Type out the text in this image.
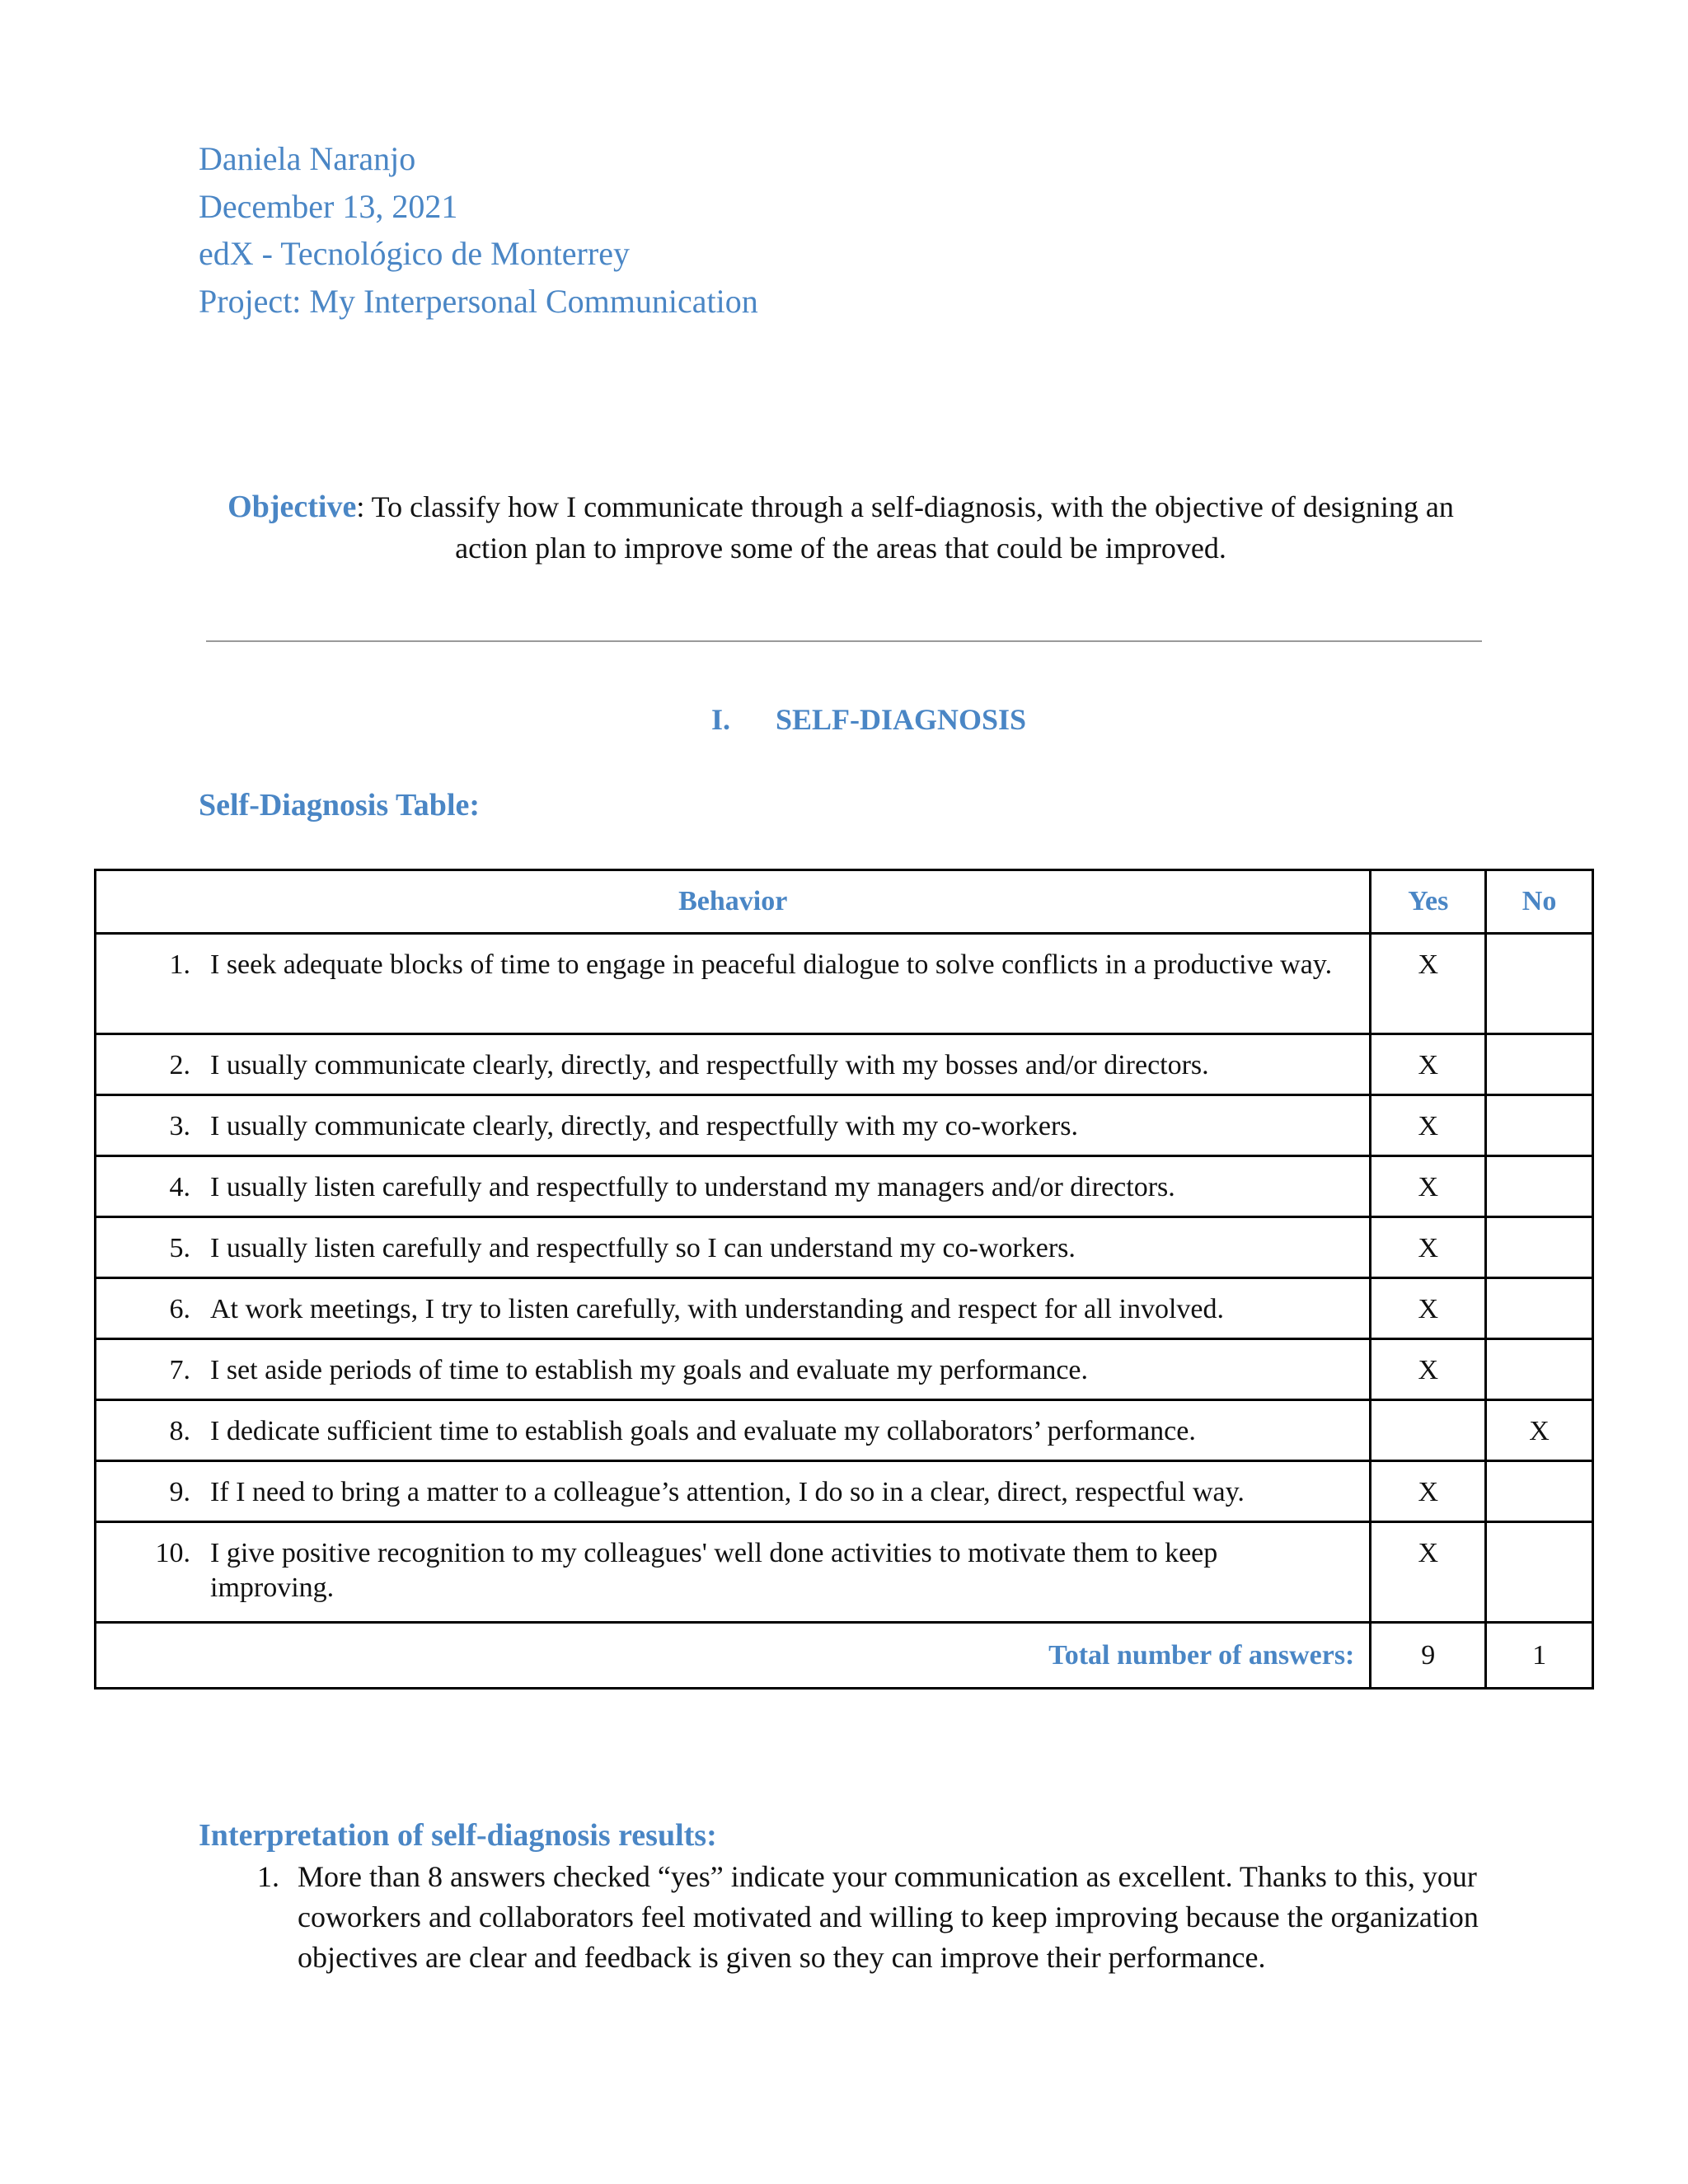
Daniela Naranjo
December 13, 2021
edX - Tecnológico de Monterrey
Project: My Interpersonal Communication
Objective: To classify how I communicate through a self-diagnosis, with the objective of designing an action plan to improve some of the areas that could be improved.
I. SELF-DIAGNOSIS
Self-Diagnosis Table:
Behavior	Yes	No

1. I seek adequate blocks of time to engage in peaceful dialogue to solve conflicts in a productive way.	X	

2. I usually communicate clearly, directly, and respectfully with my bosses and/or directors.	X	

3. I usually communicate clearly, directly, and respectfully with my co-workers.	X	

4. I usually listen carefully and respectfully to understand my managers and/or directors.	X	

5. I usually listen carefully and respectfully so I can understand my co-workers.	X	

6. At work meetings, I try to listen carefully, with understanding and respect for all involved.	X	

7. I set aside periods of time to establish my goals and evaluate my performance.	X	

8. I dedicate sufficient time to establish goals and evaluate my collaborators’ performance.		X

9. If I need to bring a matter to a colleague’s attention, I do so in a clear, direct, respectful way.	X	

10. I give positive recognition to my colleagues' well done activities to motivate them to keep improving.	X	
Total number of answers:	9	1
Interpretation of self-diagnosis results:
1. More than 8 answers checked “yes” indicate your communication as excellent. Thanks to this, your coworkers and collaborators feel motivated and willing to keep improving because the organization objectives are clear and feedback is given so they can improve their performance.
